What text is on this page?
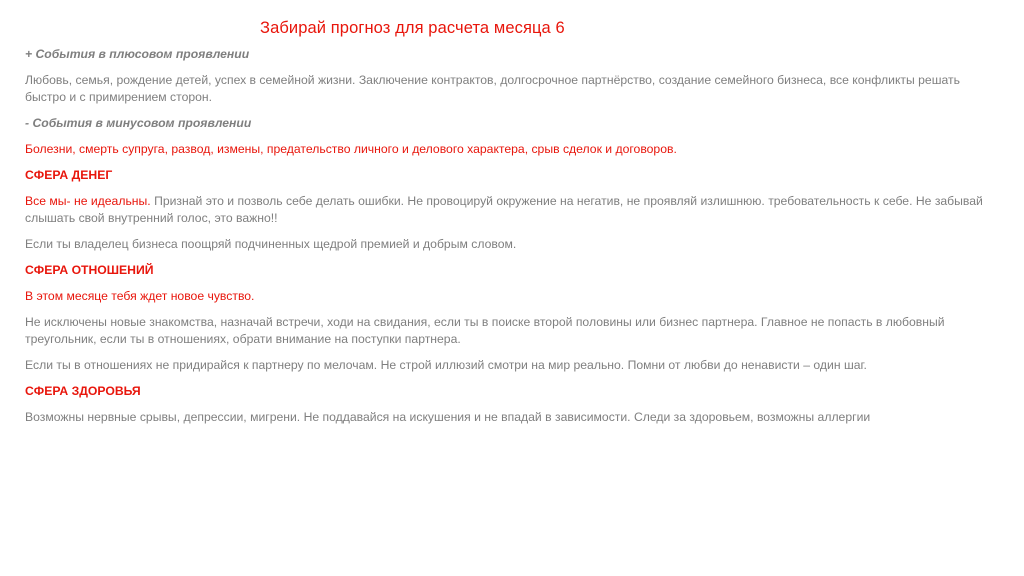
Забирай прогноз для расчета месяца 6

+ События в плюсовом проявлении

Любовь, семья, рождение детей, успех в семейной жизни. Заключение контрактов, долгосрочное партнёрство, создание семейного бизнеса, все конфликты решать быстро и с примирением сторон.

- События в минусовом проявлении

Болезни, смерть супруга, развод, измены, предательство личного и делового характера, срыв сделок и договоров.

СФЕРА ДЕНЕГ

Все мы- не идеальны. Признай это и позволь себе делать ошибки. Не провоцируй окружение на негатив, не проявляй излишнюю. требовательность к себе. Не забывай слышать свой внутренний голос, это важно!!

Если ты владелец бизнеса поощряй подчиненных щедрой премией и добрым словом.

СФЕРА ОТНОШЕНИЙ

В этом месяце тебя ждет новое чувство.

Не исключены новые знакомства, назначай встречи, ходи на свидания, если ты в поиске второй половины или бизнес партнера. Главное не попасть в любовный треугольник, если ты в отношениях, обрати внимание на поступки партнера.

Если ты в отношениях не придирайся к партнеру по мелочам. Не строй иллюзий смотри на мир реально. Помни от любви до ненависти – один шаг.

СФЕРА ЗДОРОВЬЯ

Возможны нервные срывы, депрессии, мигрени. Не поддавайся на искушения и не впадай в зависимости. Следи за здоровьем, возможны аллергии
